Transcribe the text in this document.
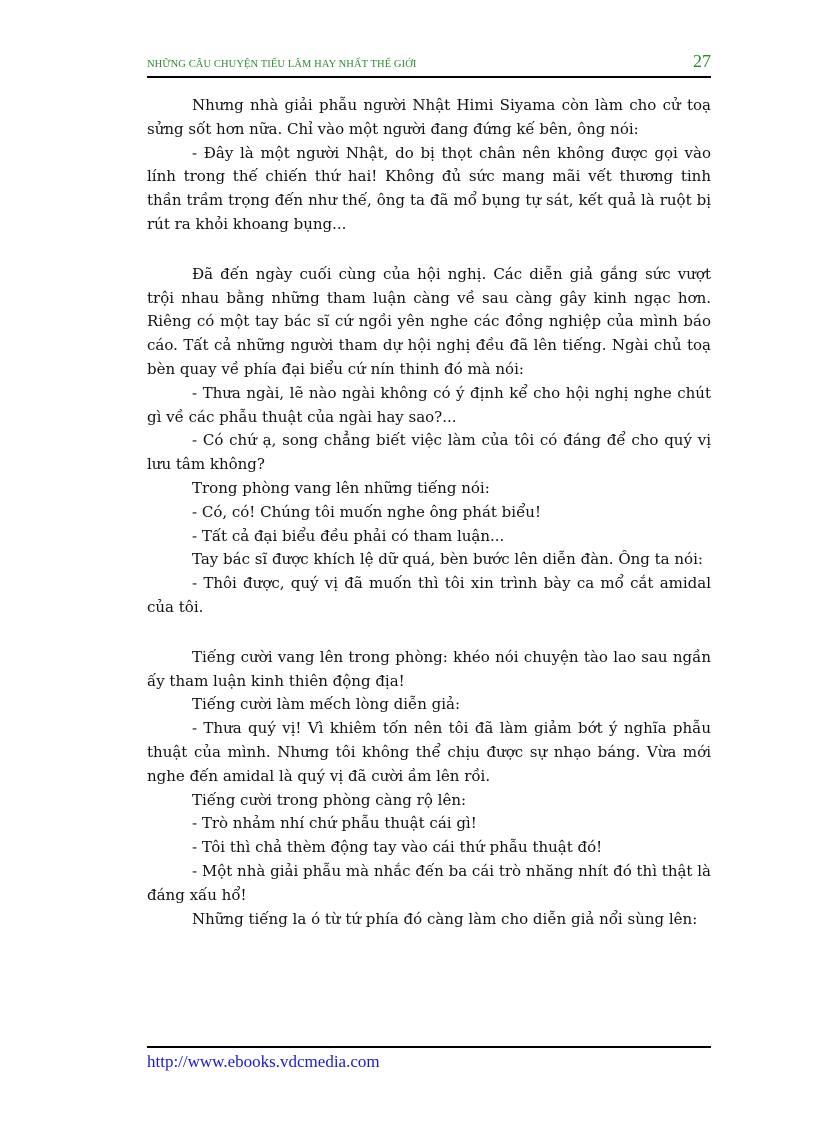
NHỮNG CÂU CHUYỆN TIẾU LÂM HAY NHẤT THẾ GIỚI	27

Nhưng nhà giải phẫu người Nhật Himi Siyama còn làm cho cử toạ sửng sốt hơn nữa. Chỉ vào một người đang đứng kế bên, ông nói:

- Đây là một người Nhật, do bị thọt chân nên không được gọi vào lính trong thế chiến thứ hai! Không đủ sức mang mãi vết thương tinh thần trầm trọng đến như thế, ông ta đã mổ bụng tự sát, kết quả là ruột bị rút ra khỏi khoang bụng...

Đã đến ngày cuối cùng của hội nghị. Các diễn giả gắng sức vượt trội nhau bằng những tham luận càng về sau càng gây kinh ngạc hơn. Riêng có một tay bác sĩ cứ ngồi yên nghe các đồng nghiệp của mình báo cáo. Tất cả những người tham dự hội nghị đều đã lên tiếng. Ngài chủ toạ bèn quay về phía đại biểu cứ nín thinh đó mà nói:

- Thưa ngài, lẽ nào ngài không có ý định kể cho hội nghị nghe chút gì về các phẫu thuật của ngài hay sao?...

- Có chứ ạ, song chẳng biết việc làm của tôi có đáng để cho quý vị lưu tâm không?

Trong phòng vang lên những tiếng nói:

- Có, có! Chúng tôi muốn nghe ông phát biểu!

- Tất cả đại biểu đều phải có tham luận...

Tay bác sĩ được khích lệ dữ quá, bèn bước lên diễn đàn. Ông ta nói:

- Thôi được, quý vị đã muốn thì tôi xin trình bày ca mổ cắt amidal của tôi.

Tiếng cười vang lên trong phòng: khéo nói chuyện tào lao sau ngần ấy tham luận kinh thiên động địa!

Tiếng cười làm mếch lòng diễn giả:

- Thưa quý vị! Vì khiêm tốn nên tôi đã làm giảm bớt ý nghĩa phẫu thuật của mình. Nhưng tôi không thể chịu được sự nhạo báng. Vừa mới nghe đến amidal là quý vị đã cười ầm lên rồi.

Tiếng cười trong phòng càng rộ lên:

- Trò nhảm nhí chứ phẫu thuật cái gì!

- Tôi thì chả thèm động tay vào cái thứ phẫu thuật đó!

- Một nhà giải phẫu mà nhắc đến ba cái trò nhăng nhít đó thì thật là đáng xấu hổ!

Những tiếng la ó từ tứ phía đó càng làm cho diễn giả nổi sùng lên:

http://www.ebooks.vdcmedia.com
